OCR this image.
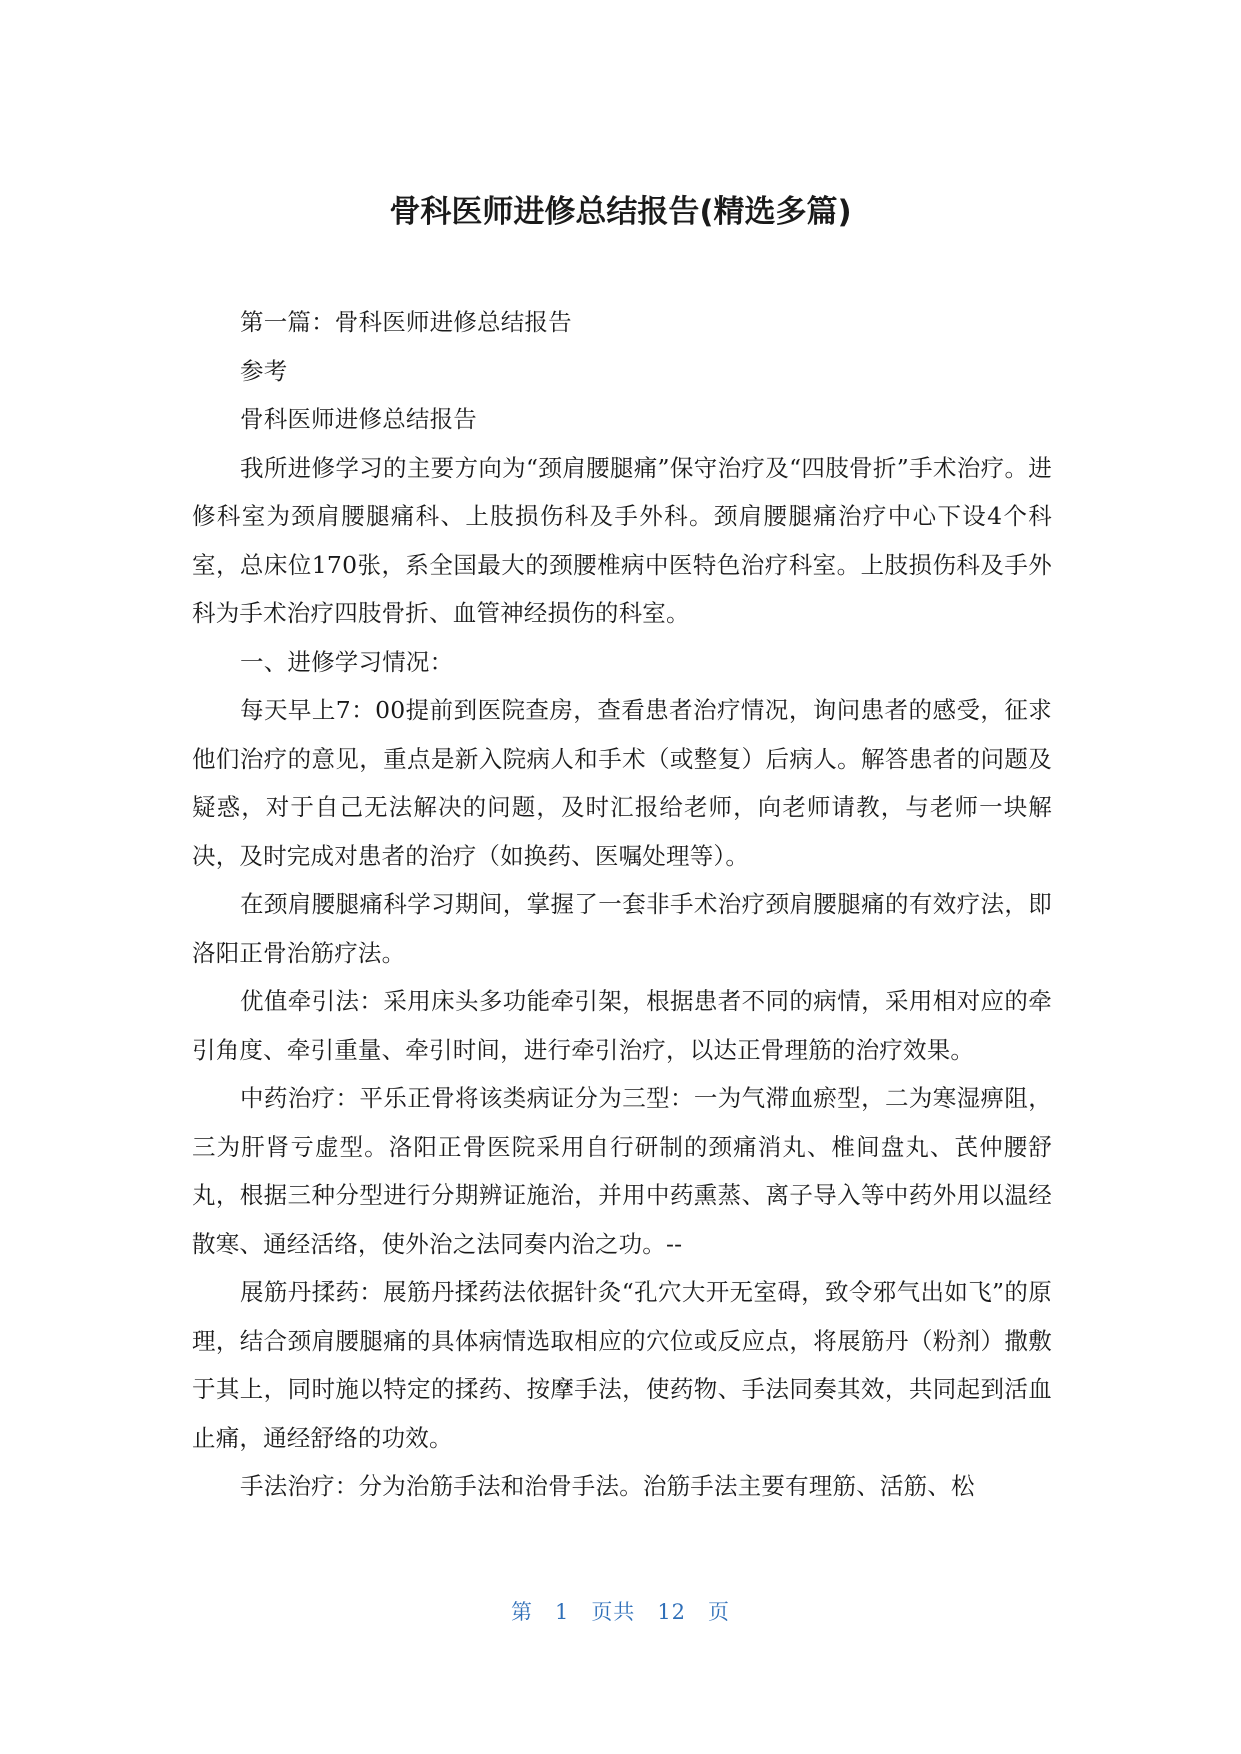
骨科医师进修总结报告(精选多篇)

第一篇：骨科医师进修总结报告

参考

骨科医师进修总结报告

我所进修学习的主要方向为“颈肩腰腿痛”保守治疗及“四肢骨折”手术治疗。进修科室为颈肩腰腿痛科、上肢损伤科及手外科。颈肩腰腿痛治疗中心下设4个科室，总床位170张，系全国最大的颈腰椎病中医特色治疗科室。上肢损伤科及手外科为手术治疗四肢骨折、血管神经损伤的科室。

一、进修学习情况：

每天早上7：00提前到医院查房，查看患者治疗情况，询问患者的感受，征求他们治疗的意见，重点是新入院病人和手术（或整复）后病人。解答患者的问题及疑惑，对于自己无法解决的问题，及时汇报给老师，向老师请教，与老师一块解决，及时完成对患者的治疗（如换药、医嘱处理等）。

在颈肩腰腿痛科学习期间，掌握了一套非手术治疗颈肩腰腿痛的有效疗法，即洛阳正骨治筋疗法。

优值牵引法：采用床头多功能牵引架，根据患者不同的病情，采用相对应的牵引角度、牵引重量、牵引时间，进行牵引治疗，以达正骨理筋的治疗效果。

中药治疗：平乐正骨将该类病证分为三型：一为气滞血瘀型，二为寒湿痹阻，三为肝肾亏虚型。洛阳正骨医院采用自行研制的颈痛消丸、椎间盘丸、芪仲腰舒丸，根据三种分型进行分期辨证施治，并用中药熏蒸、离子导入等中药外用以温经散寒、通经活络，使外治之法同奏内治之功。--

展筋丹揉药：展筋丹揉药法依据针灸“孔穴大开无室碍，致令邪气出如飞”的原理，结合颈肩腰腿痛的具体病情选取相应的穴位或反应点，将展筋丹（粉剂）撒敷于其上，同时施以特定的揉药、按摩手法，使药物、手法同奏其效，共同起到活血止痛，通经舒络的功效。

手法治疗：分为治筋手法和治骨手法。治筋手法主要有理筋、活筋、松

第 1 页共 12 页
